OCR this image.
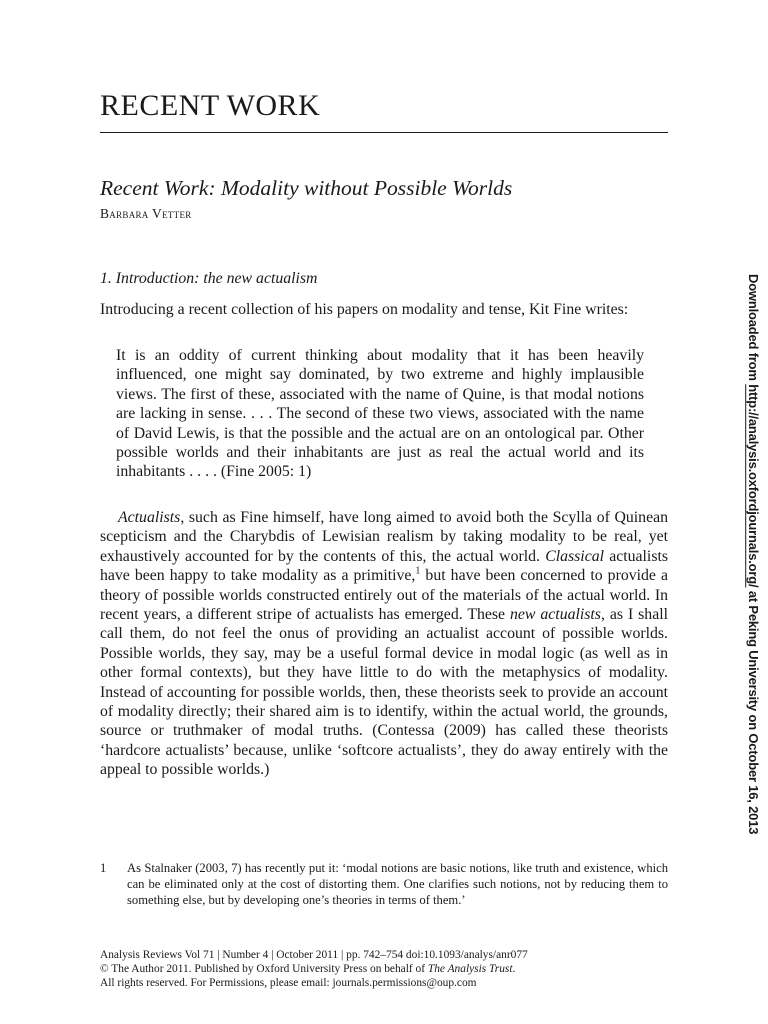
RECENT WORK
Recent Work: Modality without Possible Worlds
Barbara Vetter
1. Introduction: the new actualism

Introducing a recent collection of his papers on modality and tense, Kit Fine writes:

It is an oddity of current thinking about modality that it has been heavily influenced, one might say dominated, by two extreme and highly implausible views. The first of these, associated with the name of Quine, is that modal notions are lacking in sense. . . . The second of these two views, associated with the name of David Lewis, is that the possible and the actual are on an ontological par. Other possible worlds and their inhabitants are just as real the actual world and its inhabitants . . . . (Fine 2005: 1)

Actualists, such as Fine himself, have long aimed to avoid both the Scylla of Quinean scepticism and the Charybdis of Lewisian realism by taking modality to be real, yet exhaustively accounted for by the contents of this, the actual world. Classical actualists have been happy to take modality as a primitive,$^1$ but have been concerned to provide a theory of possible worlds constructed entirely out of the materials of the actual world. In recent years, a different stripe of actualists has emerged. These new actualists, as I shall call them, do not feel the onus of providing an actualist account of possible worlds. Possible worlds, they say, may be a useful formal device in modal logic (as well as in other formal contexts), but they have little to do with the metaphysics of modality. Instead of accounting for possible worlds, then, these theorists seek to provide an account of modality directly; their shared aim is to identify, within the actual world, the grounds, source or truthmaker of modal truths. (Contessa (2009) has called these theorists ‘hardcore actualists’ because, unlike ‘softcore actualists’, they do away entirely with the appeal to possible worlds.)

1	As Stalnaker (2003, 7) has recently put it: ‘modal notions are basic notions, like truth and existence, which can be eliminated only at the cost of distorting them. One clarifies such notions, not by reducing them to something else, but by developing one’s theories in terms of them.’
Analysis Reviews Vol 71 | Number 4 | October 2011 | pp. 742–754 doi:10.1093/analys/anr077
© The Author 2011. Published by Oxford University Press on behalf of The Analysis Trust.
All rights reserved. For Permissions, please email: journals.permissions@oup.com
Downloaded from http://analysis.oxfordjournals.org/ at Peking University on October 16, 2013
